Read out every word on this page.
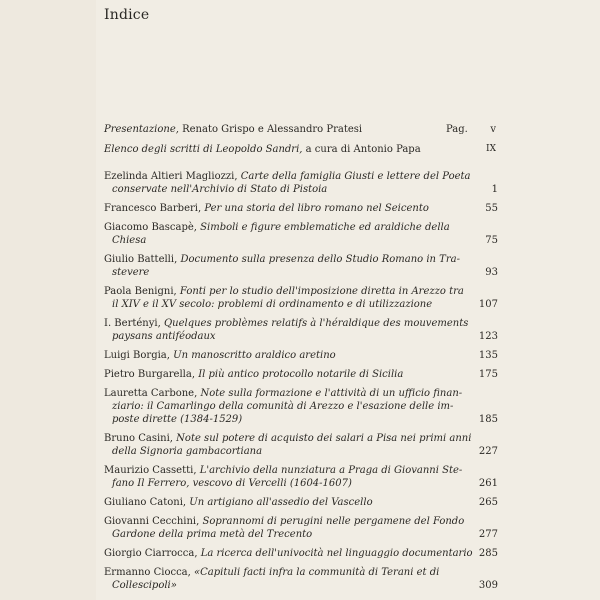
Indice
Presentazione, Renato Grispo e Alessandro Pratesi	Pag. v
Elenco degli scritti di Leopoldo Sandri, a cura di Antonio Papa	IX
Ezelinda Altieri Magliozzi, Carte della famiglia Giusti e lettere del Poeta
conservate nell'Archivio di Stato di Pistoia	1
Francesco Barberi, Per una storia del libro romano nel Seicento	55
Giacomo Bascapè, Simboli e figure emblematiche ed araldiche della
Chiesa	75
Giulio Battelli, Documento sulla presenza dello Studio Romano in Tra-
stevere	93
Paola Benigni, Fonti per lo studio dell'imposizione diretta in Arezzo tra
il XIV e il XV secolo: problemi di ordinamento e di utilizzazione	107
I. Bertényi, Quelques problèmes relatifs à l'héraldique des mouvements
paysans antiféodaux	123
Luigi Borgia, Un manoscritto araldico aretino	135
Pietro Burgarella, Il più antico protocollo notarile di Sicilia	175
Lauretta Carbone, Note sulla formazione e l'attività di un ufficio finan-
ziario: il Camarlingo della comunità di Arezzo e l'esazione delle im-
poste dirette (1384-1529)	185
Bruno Casini, Note sul potere di acquisto dei salari a Pisa nei primi anni
della Signoria gambacortiana	227
Maurizio Cassetti, L'archivio della nunziatura a Praga di Giovanni Ste-
fano Il Ferrero, vescovo di Vercelli (1604-1607)	261
Giuliano Catoni, Un artigiano all'assedio del Vascello	265
Giovanni Cecchini, Soprannomi di perugini nelle pergamene del Fondo
Gardone della prima metà del Trecento	277
Giorgio Ciarrocca, La ricerca dell'univocità nel linguaggio documentario 285
Ermanno Ciocca, «Capituli facti infra la communità di Terani et di
Collescipoli»	309
